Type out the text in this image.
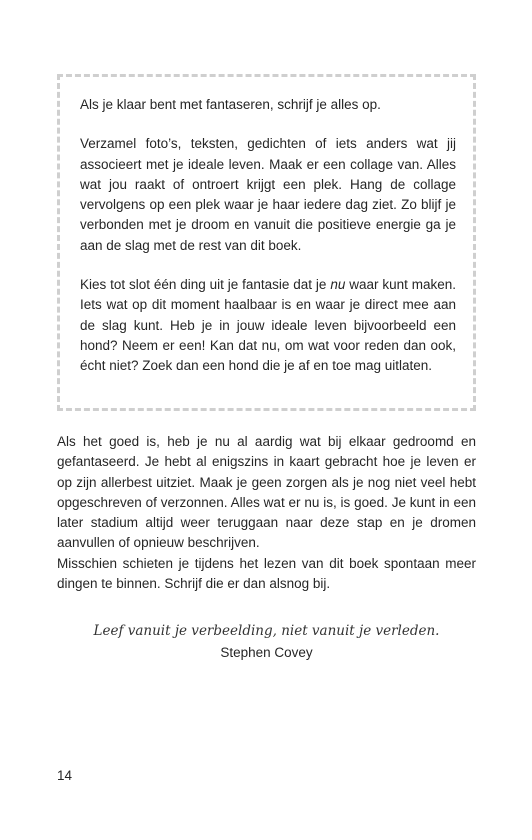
Als je klaar bent met fantaseren, schrijf je alles op.

Verzamel foto’s, teksten, gedichten of iets anders wat jij associeert met je ideale leven. Maak er een collage van. Alles wat jou raakt of ontroert krijgt een plek. Hang de collage vervolgens op een plek waar je haar iedere dag ziet. Zo blijf je verbonden met je droom en vanuit die positieve energie ga je aan de slag met de rest van dit boek.

Kies tot slot één ding uit je fantasie dat je nu waar kunt maken. Iets wat op dit moment haalbaar is en waar je direct mee aan de slag kunt. Heb je in jouw ideale leven bijvoorbeeld een hond? Neem er een! Kan dat nu, om wat voor reden dan ook, écht niet? Zoek dan een hond die je af en toe mag uitlaten.

Als het goed is, heb je nu al aardig wat bij elkaar gedroomd en gefantaseerd. Je hebt al enigszins in kaart gebracht hoe je leven er op zijn allerbest uitziet. Maak je geen zorgen als je nog niet veel hebt opgeschreven of verzonnen. Alles wat er nu is, is goed. Je kunt in een later stadium altijd weer teruggaan naar deze stap en je dromen aanvullen of opnieuw beschrijven.

Misschien schieten je tijdens het lezen van dit boek spontaan meer dingen te binnen. Schrijf die er dan alsnog bij.

Leef vanuit je verbeelding, niet vanuit je verleden.
Stephen Covey
14
